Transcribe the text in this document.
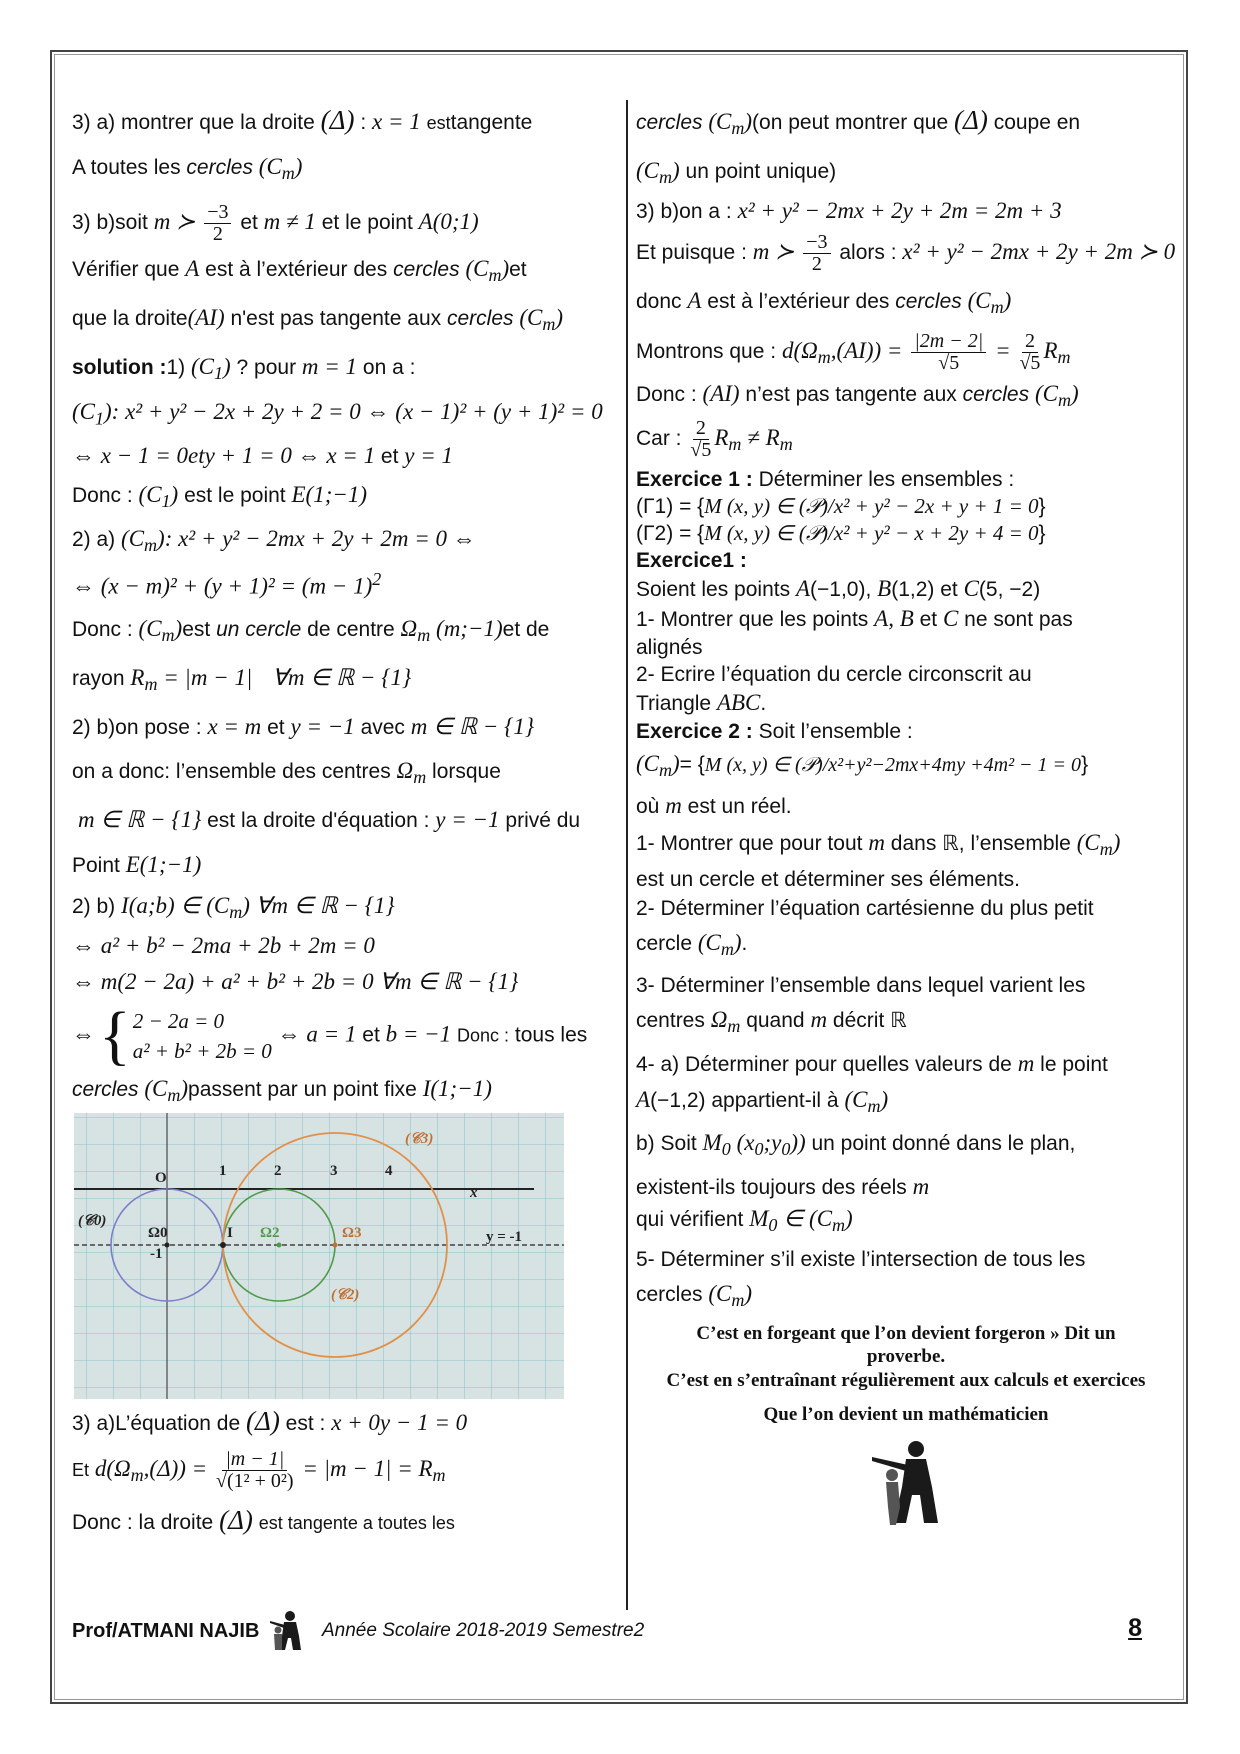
3) a) montrer que la droite (Δ) : x = 1 esttangente

A toutes les cercles $(C_m)$

3) b)soit m ≻ $\frac{-3}{2}$ et m ≠ 1 et le point A(0;1)

Vérifier que A est à l’extérieur des cercles $(C_m)et$

que la droite(AI) n'est pas tangente aux cercles $(C_m)$

solution :1) $(C_1)$ ? pour m = 1 on a :

$(C_1)$: x² + y² − 2x + 2y + 2 = 0 ⇔ (x − 1)² + (y + 1)² = 0

⇔ x − 1 = 0ety + 1 = 0 ⇔ x = 1 et y = 1

Donc : $(C_1)$ est le point E(1;−1)

2) a) $(C_m)$: x² + y² − 2mx + 2y + 2m = 0 ⇔

⇔ $(x - m)^2 + (y + 1)^2 = (m - 1)^2$

Donc : $(C_m)est$ un cercle de centre $\Omega_m$ (m;−1)et de

rayon $R_m = |m - 1|$ ∀m ∈ ℝ − {1}

2) b)on pose : x = m et y = −1 avec m ∈ ℝ − {1}

on a donc: l’ensemble des centres $\Omega_m$ lorsque

m ∈ ℝ − {1} est la droite d'équation : y = −1 privé du

Point E(1;−1)

2) b) I(a;b) ∈ $(C_m)$ ∀m ∈ ℝ − {1}

⇔ a² + b² − 2ma + 2b + 2m = 0

⇔ m(2 − 2a) + a² + b² + 2b = 0 ∀m ∈ ℝ − {1}

⇔ { 2 − 2a = 0
a² + b² + 2b = 0
⇔ a = 1 et b = −1 Donc : tous les

cercles $(C_m)passent$ par un point fixe I(1;−1)

O	1	2	3	4
x
(𝒞0)
Ω0
-1
I Ω2	Ω3	y = -1
(𝒞2)
(𝒞3)

3) a)L’équation de (Δ) est : x + 0y − 1 = 0

Et $d(\Omega_m,(\Delta)) = \frac{|m - 1|}{\text{√(1² + 0²)}} = |m - 1| = R_m$

Donc : la droite (Δ) est tangente a toutes les

cercles $(C_m)(on$ peut montrer que (Δ) coupe en

$(C_m)$ un point unique)

3) b)on a : x² + y² − 2mx + 2y + 2m = 2m + 3

Et puisque : m ≻ $\frac{-3}{2}$ alors : x² + y² − 2mx + 2y + 2m ≻ 0

donc A est à l’extérieur des cercles $(C_m)$

Montrons que : $d(\Omega_m,(AI)) = \frac{|2m - 2|}{√5} = \frac{2}{√5} R_m$

Donc : (AI) n’est pas tangente aux cercles $(C_m)$

Car : $\frac{2}{√5} R_m \ne R_m$

Exercice 1 : Déterminer les ensembles :

(Γ1) = {M (x, y) ∈ (𝒫)/x² + y² − 2x + y + 1 = 0}

(Γ2) = {M (x, y) ∈ (𝒫)/x² + y² − x + 2y + 4 = 0}

Exercice1 :

Soient les points A(−1,0), B(1,2) et C(5, −2)

1- Montrer que les points A, B et C ne sont pas

alignés

2- Ecrire l’équation du cercle circonscrit au

Triangle ABC.

Exercice 2 : Soit l’ensemble :

$(C_m)= \{M$ (x, y) ∈ (𝒫)/x²+y²−2mx+4my +4m² − 1 = 0}

où m est un réel.

1- Montrer que pour tout m dans ℝ, l’ensemble $(C_m)$

est un cercle et déterminer ses éléments.

2- Déterminer l’équation cartésienne du plus petit

cercle $(C_m)$.

3- Déterminer l’ensemble dans lequel varient les

centres $\Omega_m$ quand m décrit ℝ

4- a) Déterminer pour quelles valeurs de m le point

A(−1,2) appartient-il à $(C_m)$

b) Soit $M_0$ $(x_0;y_0)$) un point donné dans le plan,

existent-ils toujours des réels m

qui vérifient $M_0$ ∈ $(C_m)$

5- Déterminer s’il existe l’intersection de tous les

cercles $(C_m)$

C’est en forgeant que l’on devient forgeron » Dit un
proverbe.
C’est en s’entraînant régulièrement aux calculs et exercices
Que l’on devient un mathématicien
Prof/ATMANI NAJIB	Année Scolaire 2018-2019 Semestre2	8
